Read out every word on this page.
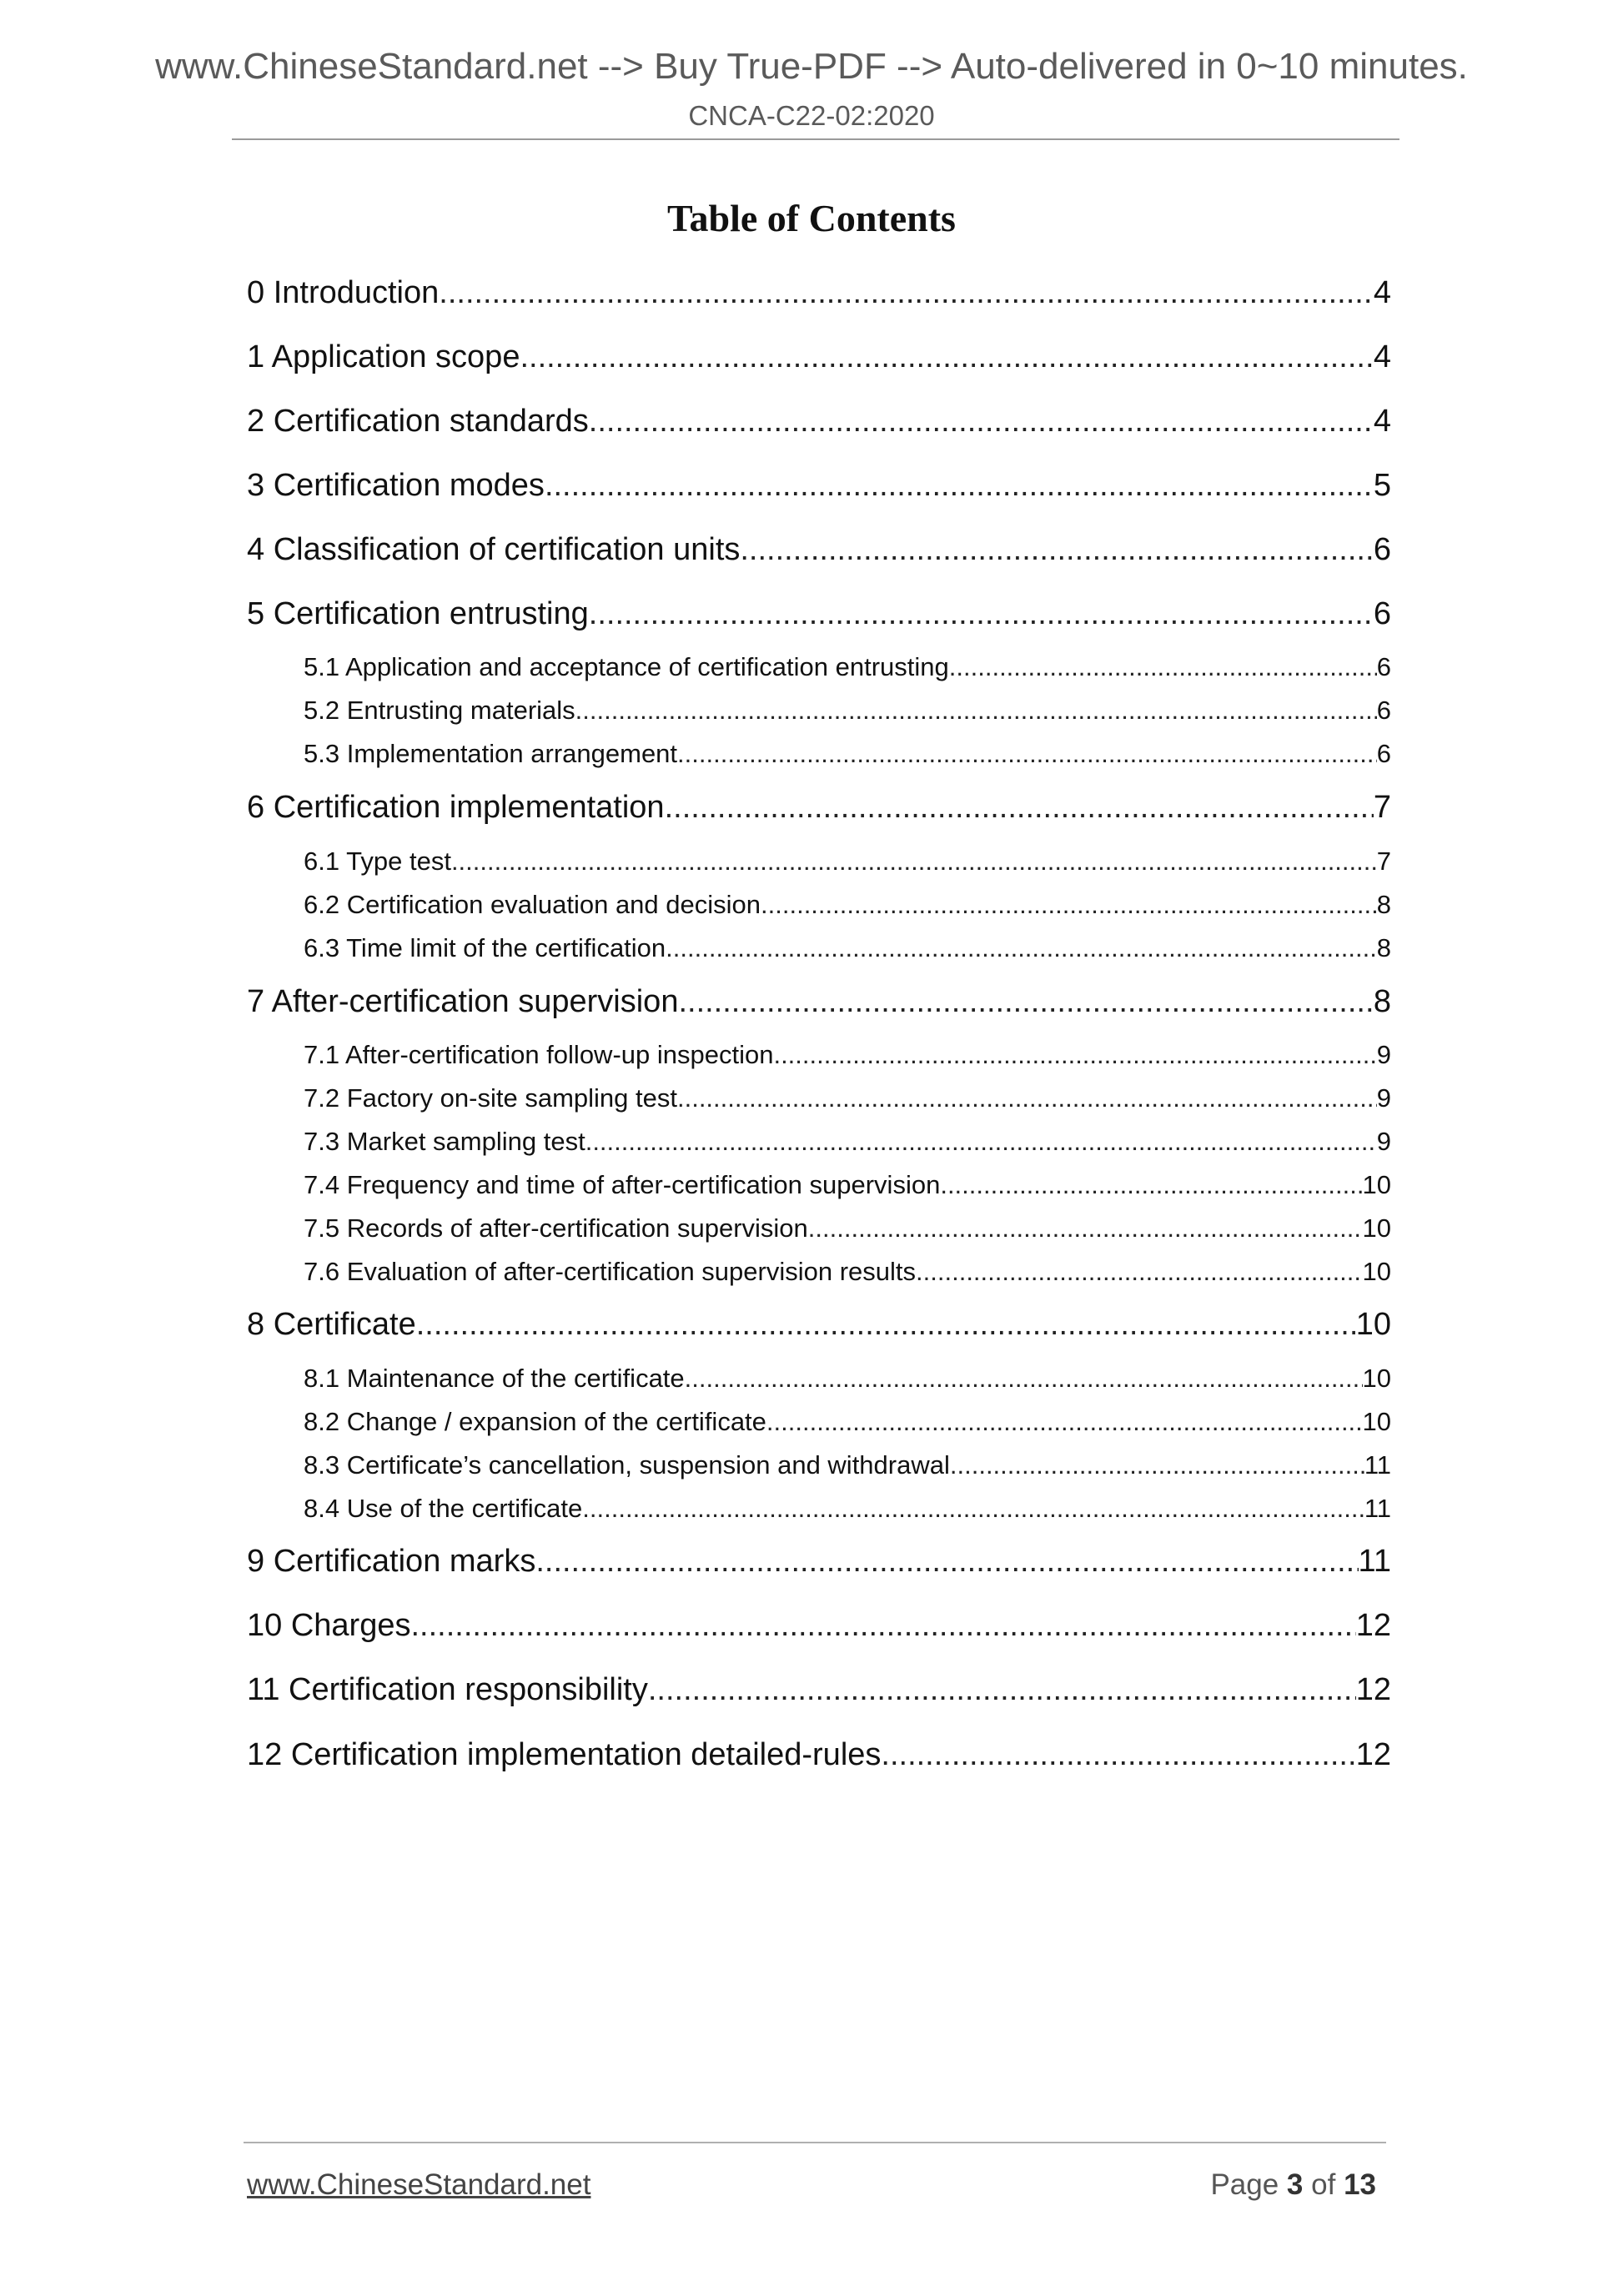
www.ChineseStandard.net --> Buy True-PDF --> Auto-delivered in 0~10 minutes.
CNCA-C22-02:2020
Table of Contents
0 Introduction .....	4
1 Application scope .....	4
2 Certification standards .....	4
3 Certification modes .....	5
4 Classification of certification units .....	6
5 Certification entrusting .....	6
5.1 Application and acceptance of certification entrusting .....	6
5.2 Entrusting materials .....	6
5.3 Implementation arrangement .....	6
6 Certification implementation .....	7
6.1 Type test .....	7
6.2 Certification evaluation and decision .....	8
6.3 Time limit of the certification .....	8
7 After-certification supervision .....	8
7.1 After-certification follow-up inspection .....	9
7.2 Factory on-site sampling test .....	9
7.3 Market sampling test .....	9
7.4 Frequency and time of after-certification supervision .....	10
7.5 Records of after-certification supervision .....	10
7.6 Evaluation of after-certification supervision results .....	10
8 Certificate .....	10
8.1 Maintenance of the certificate .....	10
8.2 Change / expansion of the certificate .....	10
8.3 Certificate’s cancellation, suspension and withdrawal .....	11
8.4 Use of the certificate .....	11
9 Certification marks .....	11
10 Charges .....	12
11 Certification responsibility .....	12
12 Certification implementation detailed-rules .....	12
www.ChineseStandard.net	Page 3 of 13
